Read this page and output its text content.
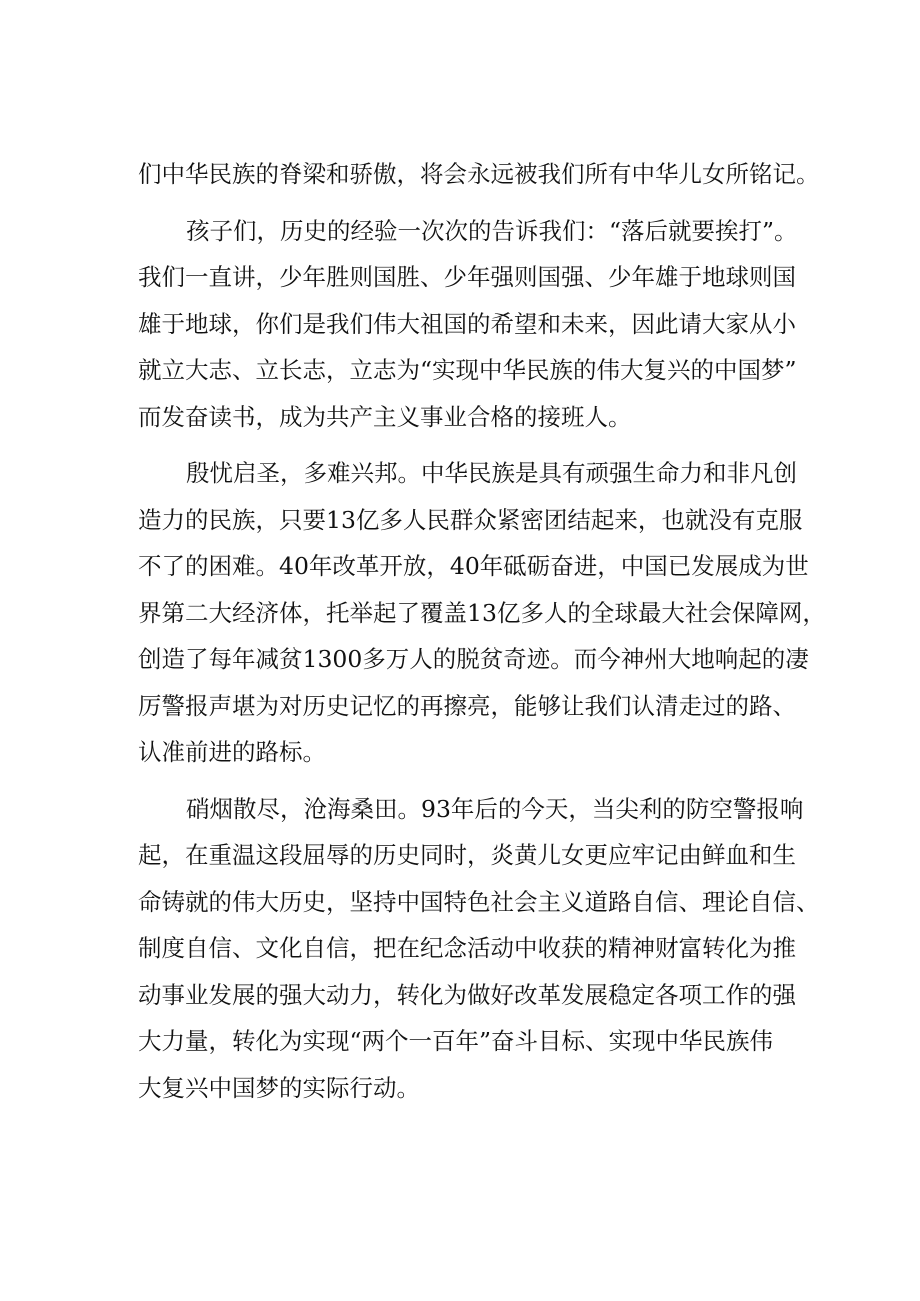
们中华民族的脊梁和骄傲，将会永远被我们所有中华儿女所铭记。

孩子们，历史的经验一次次的告诉我们：“落后就要挨打”。
我们一直讲，少年胜则国胜、少年强则国强、少年雄于地球则国
雄于地球，你们是我们伟大祖国的希望和未来，因此请大家从小
就立大志、立长志，立志为“实现中华民族的伟大复兴的中国梦”
而发奋读书，成为共产主义事业合格的接班人。

殷忧启圣，多难兴邦。中华民族是具有顽强生命力和非凡创
造力的民族，只要13亿多人民群众紧密团结起来，也就没有克服
不了的困难。40年改革开放，40年砥砺奋进，中国已发展成为世
界第二大经济体，托举起了覆盖13亿多人的全球最大社会保障网，
创造了每年减贫1300多万人的脱贫奇迹。而今神州大地响起的凄
厉警报声堪为对历史记忆的再擦亮，能够让我们认清走过的路、
认准前进的路标。

硝烟散尽，沧海桑田。93年后的今天，当尖利的防空警报响
起，在重温这段屈辱的历史同时，炎黄儿女更应牢记由鲜血和生
命铸就的伟大历史，坚持中国特色社会主义道路自信、理论自信、
制度自信、文化自信，把在纪念活动中收获的精神财富转化为推
动事业发展的强大动力，转化为做好改革发展稳定各项工作的强
大力量，转化为实现“两个一百年”奋斗目标、实现中华民族伟
大复兴中国梦的实际行动。
